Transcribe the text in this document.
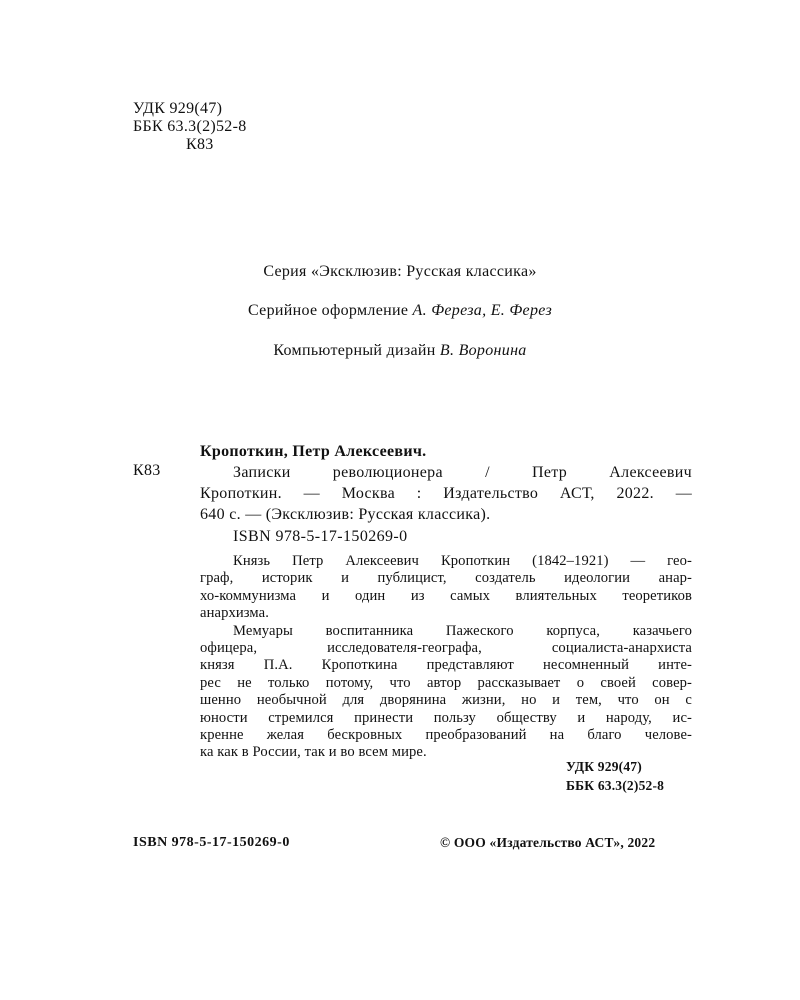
УДК 929(47)
ББК 63.3(2)52-8
К83
Серия «Эксклюзив: Русская классика»
Серийное оформление А. Фереза, Е. Ферез
Компьютерный дизайн В. Воронина
К83
Кропоткин, Петр Алексеевич.
Записки революционера / Петр Алексеевич
Кропоткин. — Москва : Издательство АСТ, 2022. —
640 с. — (Эксклюзив: Русская классика).
ISBN 978-5-17-150269-0
Князь Петр Алексеевич Кропоткин (1842–1921) — гео-
граф, историк и публицист, создатель идеологии анар-
хо-коммунизма и один из самых влиятельных теоретиков
анархизма.
Мемуары воспитанника Пажеского корпуса, казачьего
офицера, исследователя-географа, социалиста-анархиста
князя П.А. Кропоткина представляют несомненный инте-
рес не только потому, что автор рассказывает о своей совер-
шенно необычной для дворянина жизни, но и тем, что он с
юности стремился принести пользу обществу и народу, ис-
кренне желая бескровных преобразований на благо челове-
ка как в России, так и во всем мире.
УДК 929(47)
ББК 63.3(2)52-8
ISBN 978-5-17-150269-0	© ООО «Издательство АСТ», 2022
